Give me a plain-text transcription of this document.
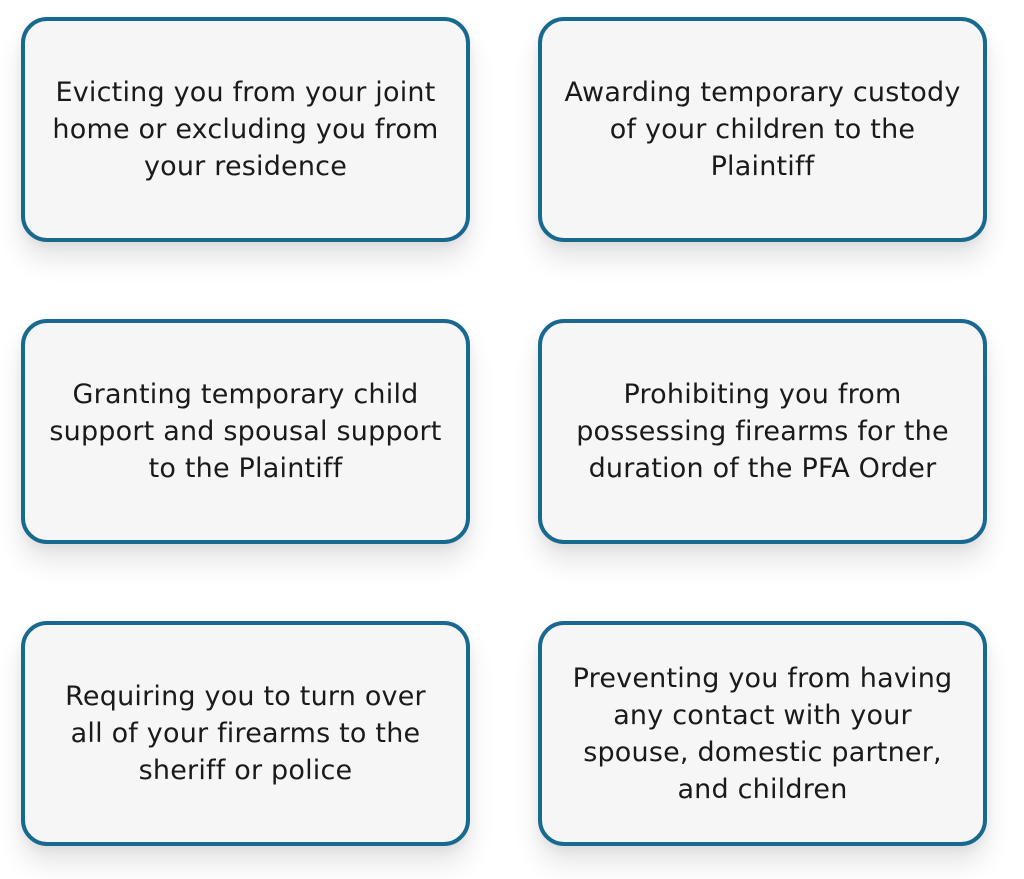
Evicting you from your joint home or excluding you from your residence
Awarding temporary custody of your children to the Plaintiff
Granting temporary child support and spousal support to the Plaintiff
Prohibiting you from possessing firearms for the duration of the PFA Order
Requiring you to turn over all of your firearms to the sheriff or police
Preventing you from having any contact with your spouse, domestic partner, and children
